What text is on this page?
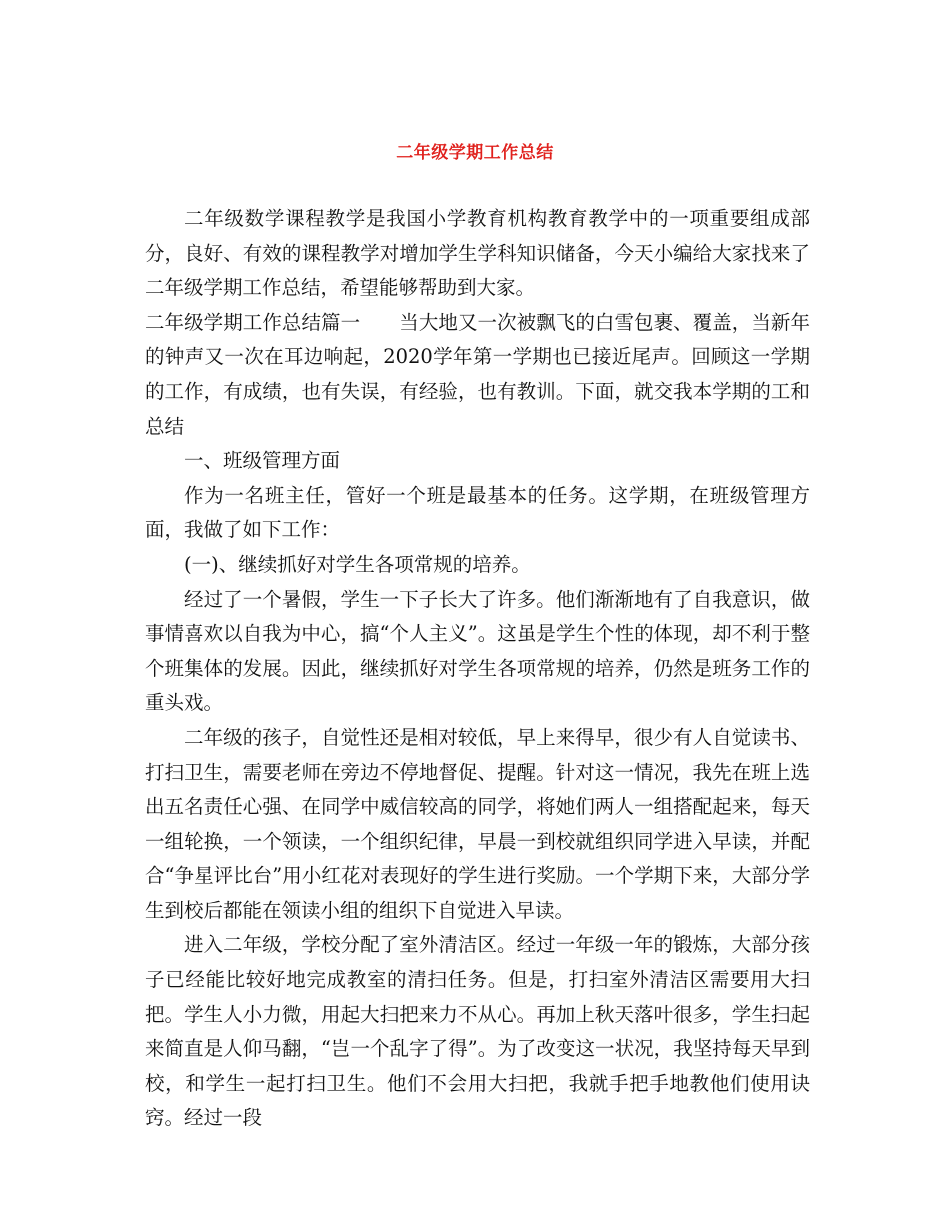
二年级学期工作总结

二年级数学课程教学是我国小学教育机构教育教学中的一项重要组成部分，良好、有效的课程教学对增加学生学科知识储备，今天小编给大家找来了二年级学期工作总结，希望能够帮助到大家。

二年级学期工作总结篇一　　当大地又一次被飘飞的白雪包裹、覆盖，当新年的钟声又一次在耳边响起，2020学年第一学期也已接近尾声。回顾这一学期的工作，有成绩，也有失误，有经验，也有教训。下面，就交我本学期的工和总结

一、班级管理方面

作为一名班主任，管好一个班是最基本的任务。这学期，在班级管理方面，我做了如下工作：

(一)、继续抓好对学生各项常规的培养。

经过了一个暑假，学生一下子长大了许多。他们渐渐地有了自我意识，做事情喜欢以自我为中心，搞“个人主义”。这虽是学生个性的体现，却不利于整个班集体的发展。因此，继续抓好对学生各项常规的培养，仍然是班务工作的重头戏。

二年级的孩子，自觉性还是相对较低，早上来得早，很少有人自觉读书、打扫卫生，需要老师在旁边不停地督促、提醒。针对这一情况，我先在班上选出五名责任心强、在同学中威信较高的同学，将她们两人一组搭配起来，每天一组轮换，一个领读，一个组织纪律，早晨一到校就组织同学进入早读，并配合“争星评比台”用小红花对表现好的学生进行奖励。一个学期下来，大部分学生到校后都能在领读小组的组织下自觉进入早读。

进入二年级，学校分配了室外清洁区。经过一年级一年的锻炼，大部分孩子已经能比较好地完成教室的清扫任务。但是，打扫室外清洁区需要用大扫把。学生人小力微，用起大扫把来力不从心。再加上秋天落叶很多，学生扫起来简直是人仰马翻，“岂一个乱字了得”。为了改变这一状况，我坚持每天早到校，和学生一起打扫卫生。他们不会用大扫把，我就手把手地教他们使用诀窍。经过一段
